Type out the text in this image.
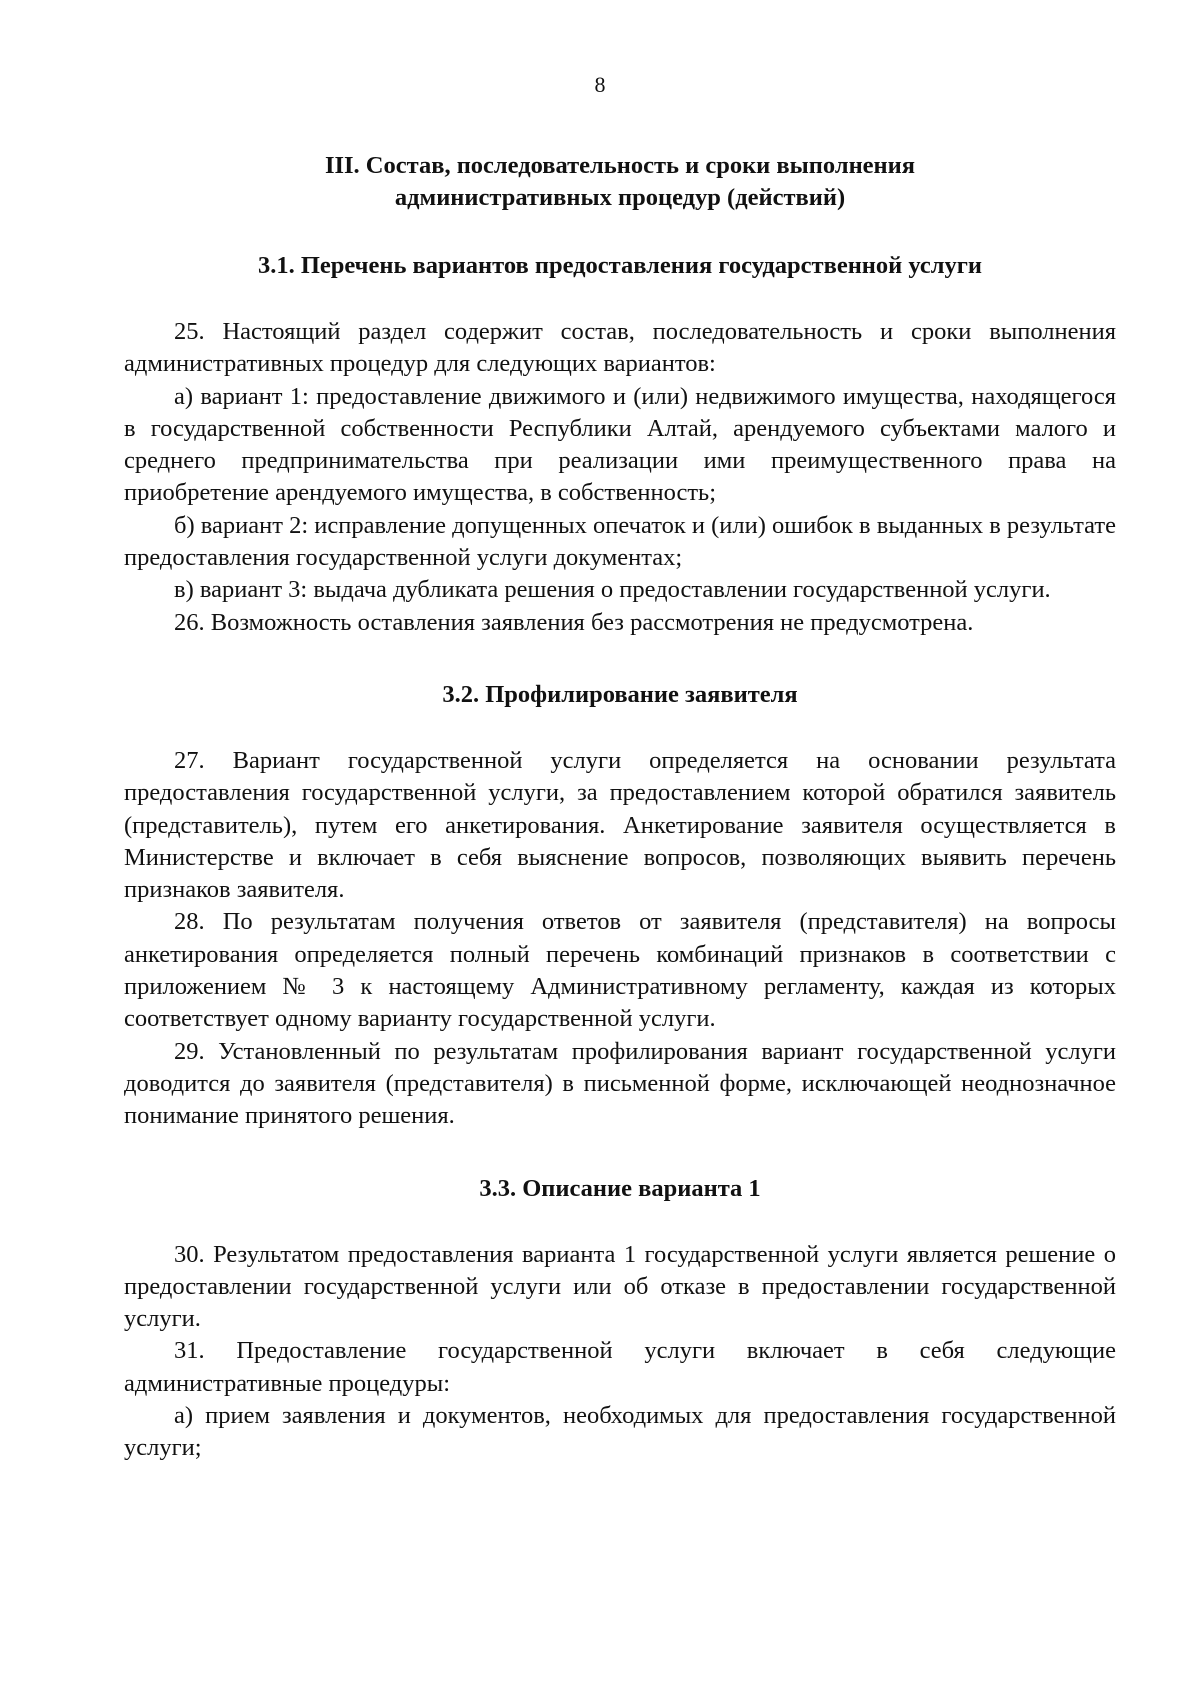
8

III. Состав, последовательность и сроки выполнения

административных процедур (действий)

3.1. Перечень вариантов предоставления государственной услуги

25. Настоящий раздел содержит состав, последовательность и сроки выполнения административных процедур для следующих вариантов:

а) вариант 1: предоставление движимого и (или) недвижимого имущества, находящегося в государственной собственности Республики Алтай, арендуемого субъектами малого и среднего предпринимательства при реализации ими преимущественного права на приобретение арендуемого имущества, в собственность;

б) вариант 2: исправление допущенных опечаток и (или) ошибок в выданных в результате предоставления государственной услуги документах;

в) вариант 3: выдача дубликата решения о предоставлении государственной услуги.

26. Возможность оставления заявления без рассмотрения не предусмотрена.

3.2. Профилирование заявителя

27. Вариант государственной услуги определяется на основании результата предоставления государственной услуги, за предоставлением которой обратился заявитель (представитель), путем его анкетирования. Анкетирование заявителя осуществляется в Министерстве и включает в себя выяснение вопросов, позволяющих выявить перечень признаков заявителя.

28. По результатам получения ответов от заявителя (представителя) на вопросы анкетирования определяется полный перечень комбинаций признаков в соответствии с приложением № 3 к настоящему Административному регламенту, каждая из которых соответствует одному варианту государственной услуги.

29. Установленный по результатам профилирования вариант государственной услуги доводится до заявителя (представителя) в письменной форме, исключающей неоднозначное понимание принятого решения.

3.3. Описание варианта 1

30. Результатом предоставления варианта 1 государственной услуги является решение о предоставлении государственной услуги или об отказе в предоставлении государственной услуги.

31. Предоставление государственной услуги включает в себя следующие административные процедуры:

а) прием заявления и документов, необходимых для предоставления государственной услуги;
